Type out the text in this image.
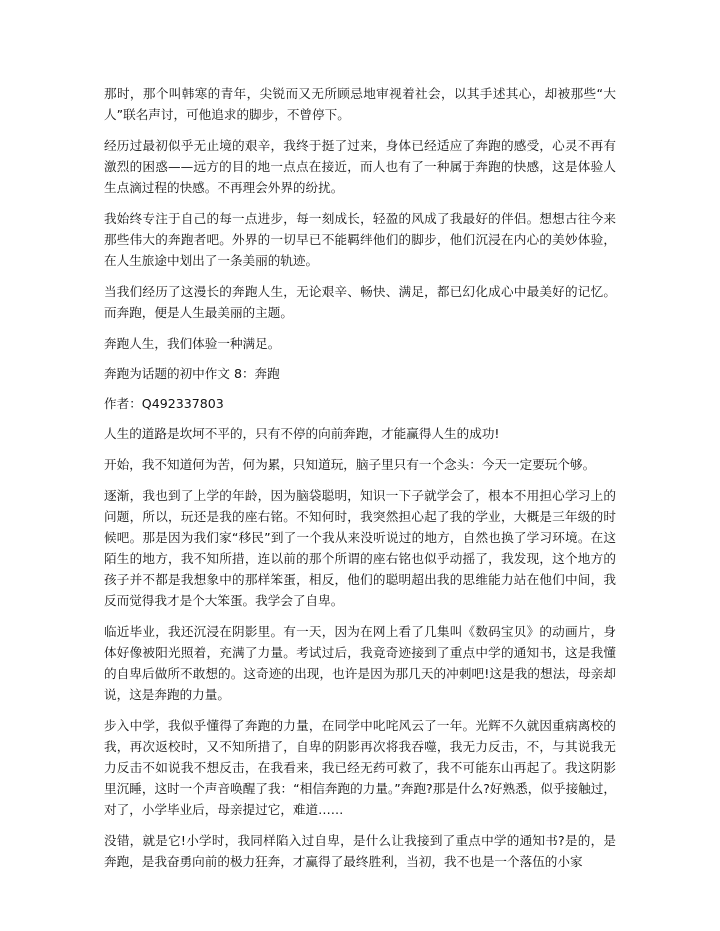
那时，那个叫韩寒的青年，尖锐而又无所顾忌地审视着社会，以其手述其心，却被那些“大人”联名声讨，可他追求的脚步，不曾停下。

经历过最初似乎无止境的艰辛，我终于挺了过来，身体已经适应了奔跑的感受，心灵不再有激烈的困惑——远方的目的地一点点在接近，而人也有了一种属于奔跑的快感，这是体验人生点滴过程的快感。不再理会外界的纷扰。

我始终专注于自己的每一点进步，每一刻成长，轻盈的风成了我最好的伴侣。想想古往今来那些伟大的奔跑者吧。外界的一切早已不能羁绊他们的脚步，他们沉浸在内心的美妙体验，在人生旅途中划出了一条美丽的轨迹。

当我们经历了这漫长的奔跑人生，无论艰辛、畅快、满足，都已幻化成心中最美好的记忆。而奔跑，便是人生最美丽的主题。

奔跑人生，我们体验一种满足。

奔跑为话题的初中作文 8：奔跑

作者：Q492337803

人生的道路是坎坷不平的，只有不停的向前奔跑，才能赢得人生的成功!

开始，我不知道何为苦，何为累，只知道玩，脑子里只有一个念头：今天一定要玩个够。

逐渐，我也到了上学的年龄，因为脑袋聪明，知识一下子就学会了，根本不用担心学习上的问题，所以，玩还是我的座右铭。不知何时，我突然担心起了我的学业，大概是三年级的时候吧。那是因为我们家“移民”到了一个我从来没听说过的地方，自然也换了学习环境。在这陌生的地方，我不知所措，连以前的那个所谓的座右铭也似乎动摇了，我发现，这个地方的孩子并不都是我想象中的那样笨蛋，相反，他们的聪明超出我的思维能力站在他们中间，我反而觉得我才是个大笨蛋。我学会了自卑。

临近毕业，我还沉浸在阴影里。有一天，因为在网上看了几集叫《数码宝贝》的动画片，身体好像被阳光照着，充满了力量。考试过后，我竟奇迹接到了重点中学的通知书，这是我懂的自卑后做所不敢想的。这奇迹的出现，也许是因为那几天的冲刺吧!这是我的想法，母亲却说，这是奔跑的力量。

步入中学，我似乎懂得了奔跑的力量，在同学中叱咤风云了一年。光辉不久就因重病离校的我，再次返校时，又不知所措了，自卑的阴影再次将我吞噬，我无力反击，不，与其说我无力反击不如说我不想反击，在我看来，我已经无药可救了，我不可能东山再起了。我这阴影里沉睡，这时一个声音唤醒了我：“相信奔跑的力量。”奔跑?那是什么?好熟悉，似乎接触过，对了，小学毕业后，母亲提过它，难道……

没错，就是它!小学时，我同样陷入过自卑，是什么让我接到了重点中学的通知书?是的，是奔跑，是我奋勇向前的极力狂奔，才赢得了最终胜利，当初，我不也是一个落伍的小家
